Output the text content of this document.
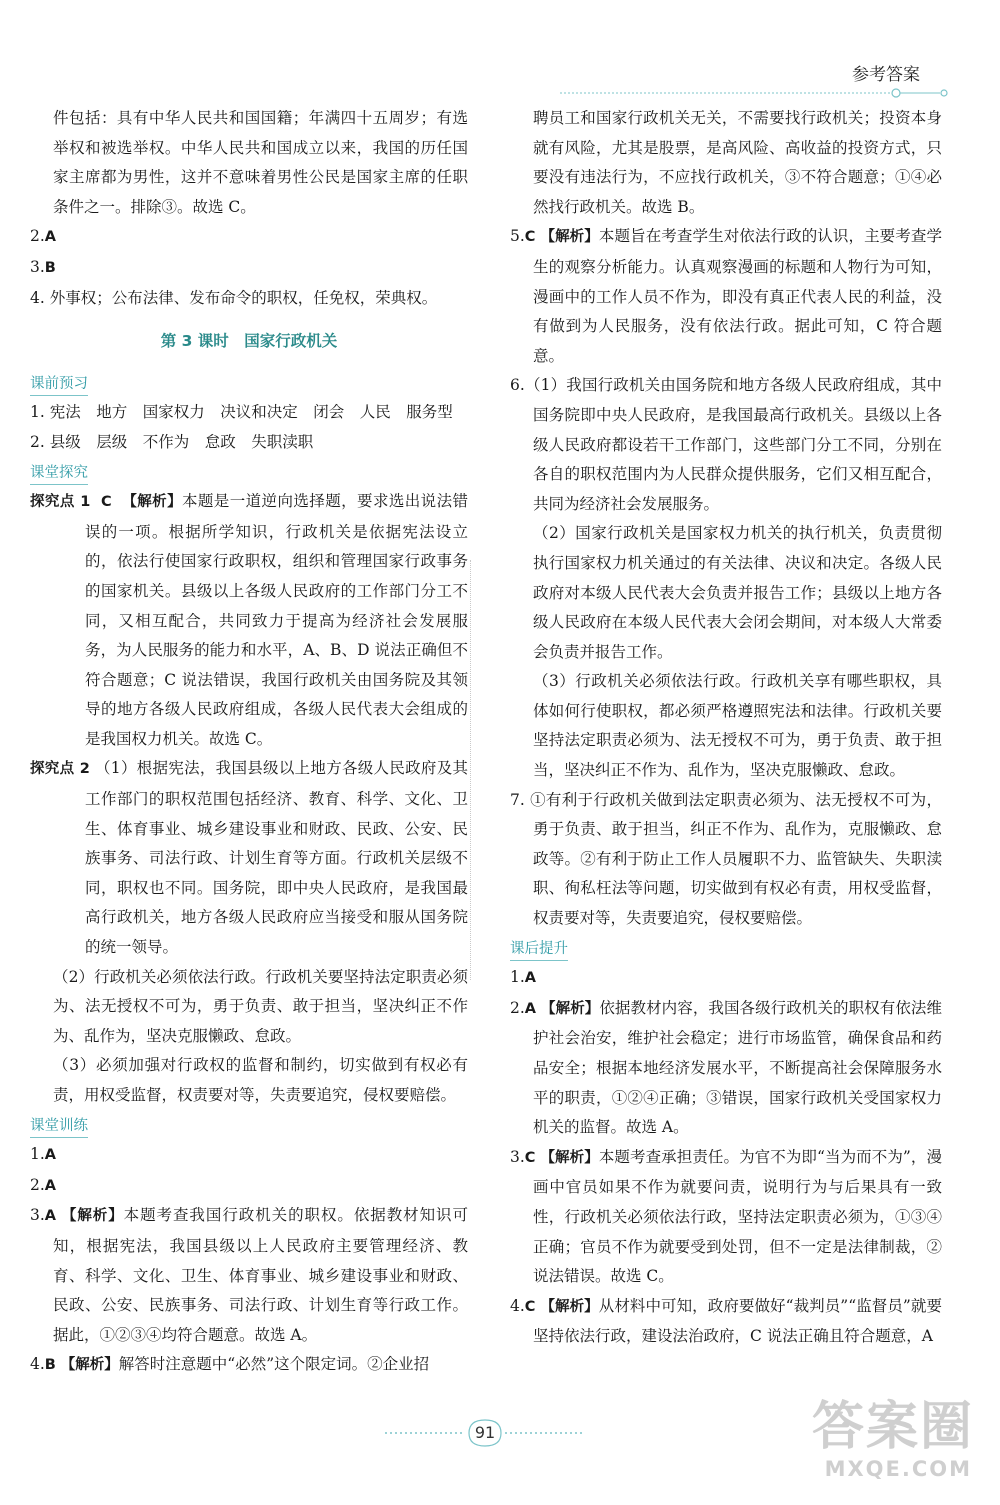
参考答案

件包括：具有中华人民共和国国籍；年满四十五周岁；有选举权和被选举权。中华人民共和国成立以来，我国的历任国家主席都为男性，这并不意味着男性公民是国家主席的任职条件之一。排除③。故选 C。

2.A

3.B

4. 外事权；公布法律、发布命令的职权，任免权，荣典权。

第 3 课时　国家行政机关
课前预习

1. 宪法　地方　国家权力　决议和决定　闭会　人民　服务型

2. 县级　层级　不作为　怠政　失职渎职

课堂探究

探究点 1 C 【解析】本题是一道逆向选择题，要求选出说法错误的一项。根据所学知识，行政机关是依据宪法设立的，依法行使国家行政职权，组织和管理国家行政事务的国家机关。县级以上各级人民政府的工作部门分工不同，又相互配合，共同致力于提高为经济社会发展服务，为人民服务的能力和水平，A、B、D 说法正确但不符合题意；C 说法错误，我国行政机关由国务院及其领导的地方各级人民政府组成，各级人民代表大会组成的是我国权力机关。故选 C。

探究点 2 （1）根据宪法，我国县级以上地方各级人民政府及其工作部门的职权范围包括经济、教育、科学、文化、卫生、体育事业、城乡建设事业和财政、民政、公安、民族事务、司法行政、计划生育等方面。行政机关层级不同，职权也不同。国务院，即中央人民政府，是我国最高行政机关，地方各级人民政府应当接受和服从国务院的统一领导。

（2）行政机关必须依法行政。行政机关要坚持法定职责必须为、法无授权不可为，勇于负责、敢于担当，坚决纠正不作为、乱作为，坚决克服懒政、怠政。

（3）必须加强对行政权的监督和制约，切实做到有权必有责，用权受监督，权责要对等，失责要追究，侵权要赔偿。

课堂训练

1.A

2.A

3.A 【解析】本题考查我国行政机关的职权。依据教材知识可知，根据宪法，我国县级以上人民政府主要管理经济、教育、科学、文化、卫生、体育事业、城乡建设事业和财政、民政、公安、民族事务、司法行政、计划生育等行政工作。据此，①②③④均符合题意。故选 A。

4.B 【解析】解答时注意题中“必然”这个限定词。②企业招

聘员工和国家行政机关无关，不需要找行政机关；投资本身就有风险，尤其是股票，是高风险、高收益的投资方式，只要没有违法行为，不应找行政机关，③不符合题意；①④必然找行政机关。故选 B。

5.C 【解析】本题旨在考查学生对依法行政的认识，主要考查学生的观察分析能力。认真观察漫画的标题和人物行为可知，漫画中的工作人员不作为，即没有真正代表人民的利益，没有做到为人民服务，没有依法行政。据此可知，C 符合题意。

6.（1）我国行政机关由国务院和地方各级人民政府组成，其中国务院即中央人民政府，是我国最高行政机关。县级以上各级人民政府都设若干工作部门，这些部门分工不同，分别在各自的职权范围内为人民群众提供服务，它们又相互配合，共同为经济社会发展服务。

（2）国家行政机关是国家权力机关的执行机关，负责贯彻执行国家权力机关通过的有关法律、决议和决定。各级人民政府对本级人民代表大会负责并报告工作；县级以上地方各级人民政府在本级人民代表大会闭会期间，对本级人大常委会负责并报告工作。

（3）行政机关必须依法行政。行政机关享有哪些职权，具体如何行使职权，都必须严格遵照宪法和法律。行政机关要坚持法定职责必须为、法无授权不可为，勇于负责、敢于担当，坚决纠正不作为、乱作为，坚决克服懒政、怠政。

7. ①有利于行政机关做到法定职责必须为、法无授权不可为，勇于负责、敢于担当，纠正不作为、乱作为，克服懒政、怠政等。②有利于防止工作人员履职不力、监管缺失、失职渎职、徇私枉法等问题，切实做到有权必有责，用权受监督，权责要对等，失责要追究，侵权要赔偿。

课后提升

1.A

2.A 【解析】依据教材内容，我国各级行政机关的职权有依法维护社会治安，维护社会稳定；进行市场监管，确保食品和药品安全；根据本地经济发展水平，不断提高社会保障服务水平的职责，①②④正确；③错误，国家行政机关受国家权力机关的监督。故选 A。

3.C 【解析】本题考查承担责任。为官不为即“当为而不为”，漫画中官员如果不作为就要问责，说明行为与后果具有一致性，行政机关必须依法行政，坚持法定职责必须为，①③④正确；官员不作为就要受到处罚，但不一定是法律制裁，②说法错误。故选 C。

4.C 【解析】从材料中可知，政府要做好“裁判员”“监督员”就要坚持依法行政，建设法治政府，C 说法正确且符合题意，A

91	答案圈
MXQE.COM
